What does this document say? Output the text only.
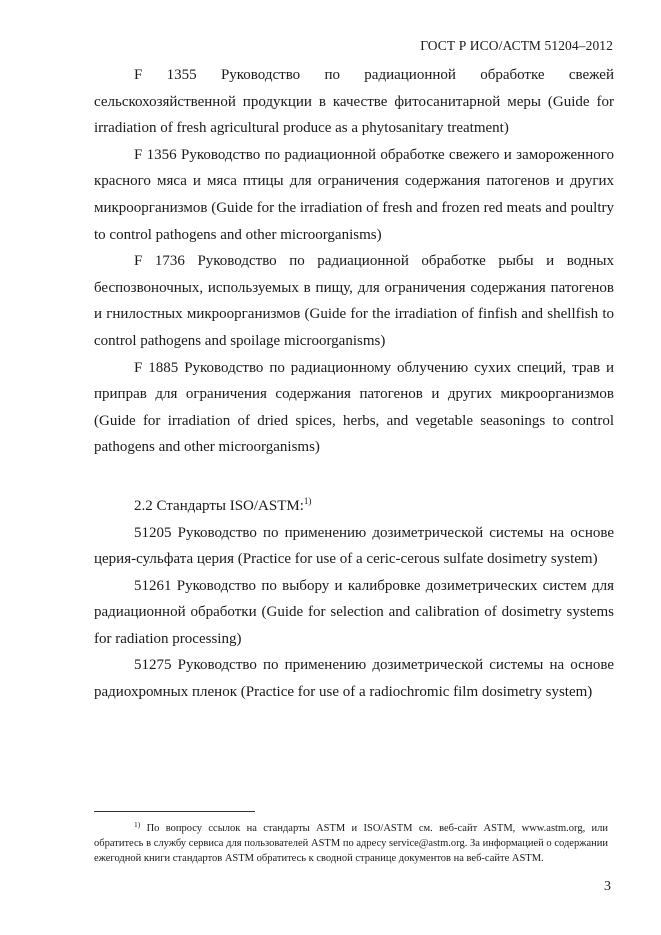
ГОСТ Р ИСО/АСТМ 51204–2012

F 1355 Руководство по радиационной обработке свежей сельскохозяйственной продукции в качестве фитосанитарной меры (Guide for irradiation of fresh agricultural produce as a phytosanitary treatment)

F 1356 Руководство по радиационной обработке свежего и замороженного красного мяса и мяса птицы для ограничения содержания патогенов и других микроорганизмов (Guide for the irradiation of fresh and frozen red meats and poultry to control pathogens and other microorganisms)

F 1736 Руководство по радиационной обработке рыбы и водных беспозвоночных, используемых в пищу, для ограничения содержания патогенов и гнилостных микроорганизмов (Guide for the irradiation of finfish and shellfish to control pathogens and spoilage microorganisms)

F 1885 Руководство по радиационному облучению сухих специй, трав и приправ для ограничения содержания патогенов и других микроорганизмов (Guide for irradiation of dried spices, herbs, and vegetable seasonings to control pathogens and other microorganisms)

2.2 Стандарты ISO/ASTM:$^{1)}$

51205 Руководство по применению дозиметрической системы на основе церия-сульфата церия (Practice for use of a ceric-cerous sulfate dosimetry system)

51261 Руководство по выбору и калибровке дозиметрических систем для радиационной обработки (Guide for selection and calibration of dosimetry systems for radiation processing)

51275 Руководство по применению дозиметрической системы на основе радиохромных пленок (Practice for use of a radiochromic film dosimetry system)

$^{1)}$ По вопросу ссылок на стандарты ASTM и ISO/ASTM см. веб-сайт ASTM, www.astm.org, или обратитесь в службу сервиса для пользователей ASTM по адресу service@astm.org. За информацией о содержании ежегодной книги стандартов ASTM обратитесь к сводной странице документов на веб-сайте ASTM.
3
